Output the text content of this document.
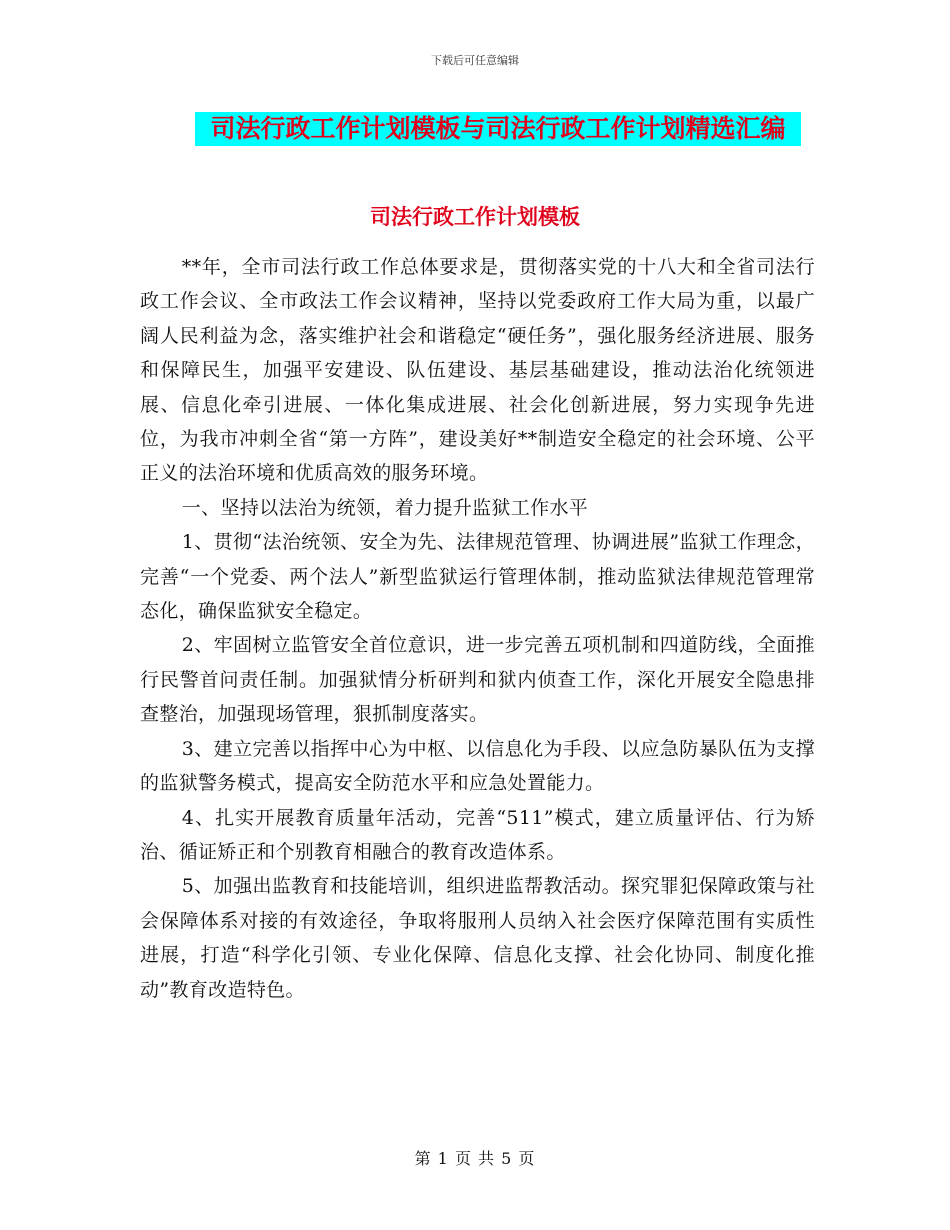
下载后可任意编辑
司法行政工作计划模板与司法行政工作计划精选汇编
司法行政工作计划模板

**年，全市司法行政工作总体要求是，贯彻落实党的十八大和全省司法行政工作会议、全市政法工作会议精神，坚持以党委政府工作大局为重，以最广阔人民利益为念，落实维护社会和谐稳定“硬任务”，强化服务经济进展、服务和保障民生，加强平安建设、队伍建设、基层基础建设，推动法治化统领进展、信息化牵引进展、一体化集成进展、社会化创新进展，努力实现争先进位，为我市冲刺全省“第一方阵”，建设美好**制造安全稳定的社会环境、公平正义的法治环境和优质高效的服务环境。

一、坚持以法治为统领，着力提升监狱工作水平

1、贯彻“法治统领、安全为先、法律规范管理、协调进展”监狱工作理念，完善“一个党委、两个法人”新型监狱运行管理体制，推动监狱法律规范管理常态化，确保监狱安全稳定。

2、牢固树立监管安全首位意识，进一步完善五项机制和四道防线，全面推行民警首问责任制。加强狱情分析研判和狱内侦查工作，深化开展安全隐患排查整治，加强现场管理，狠抓制度落实。

3、建立完善以指挥中心为中枢、以信息化为手段、以应急防暴队伍为支撑的监狱警务模式，提高安全防范水平和应急处置能力。

4、扎实开展教育质量年活动，完善“511”模式，建立质量评估、行为矫治、循证矫正和个别教育相融合的教育改造体系。

5、加强出监教育和技能培训，组织进监帮教活动。探究罪犯保障政策与社会保障体系对接的有效途径，争取将服刑人员纳入社会医疗保障范围有实质性进展，打造“科学化引领、专业化保障、信息化支撑、社会化协同、制度化推动”教育改造特色。

第 1 页 共 5 页
